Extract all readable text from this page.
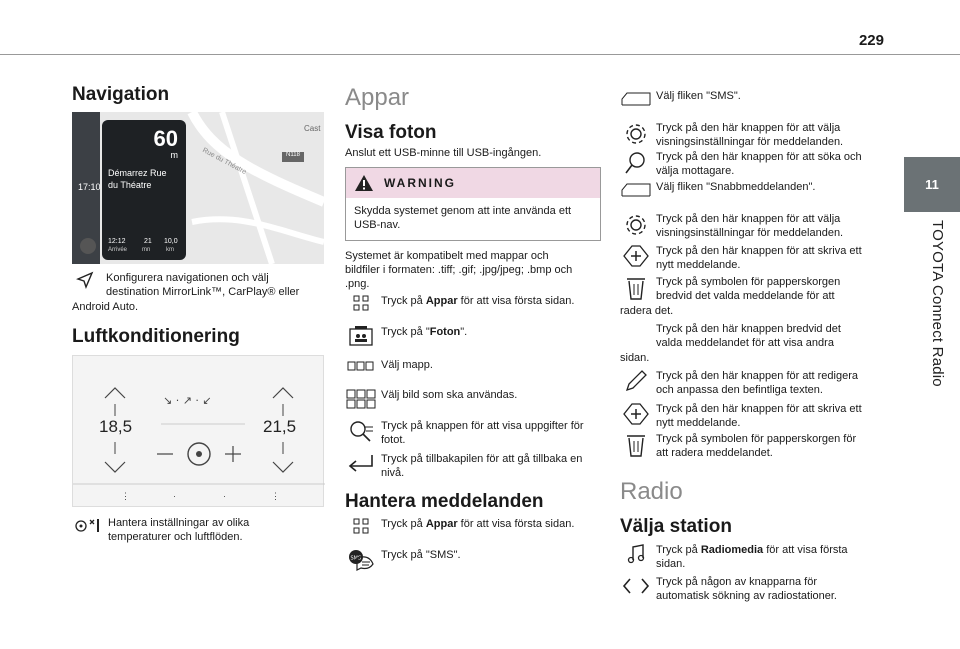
229
11
TOYOTA Connect Radio
Navigation
17:10
60
m
Démarrez Rue
du Théatre
12:12
Arrivée
21
mn
10,0
km
N118
Cast
Rue du Théatre
Konfigurera navigationen och välj
destination MirrorLink™, CarPlay® eller
Android Auto.
Luftkonditionering
↘ · ↗ · ↙
⋮	·	·	⋮
18,5	21,5
Hantera inställningar av olika
temperaturer och luftflöden.
Appar
Visa foton
Anslut ett USB-minne till USB-ingången.
WARNING
Skydda systemet genom att inte använda ett
USB-nav.
Systemet är kompatibelt med mappar och
bildfiler i formaten: .tiff; .gif; .jpg/jpeg; .bmp och
.png.
Tryck på Appar för att visa första sidan.
Tryck på "Foton".
Välj mapp.
Välj bild som ska användas.
Tryck på knappen för att visa uppgifter för
fotot.
Tryck på tillbakapilen för att gå tillbaka en
nivå.
Hantera meddelanden
Tryck på Appar för att visa första sidan.
SMS Tryck på "SMS".
Välj fliken "SMS".
Tryck på den här knappen för att välja
visningsinställningar för meddelanden.
Tryck på den här knappen för att söka och
välja mottagare.
Välj fliken "Snabbmeddelanden".
Tryck på den här knappen för att välja
visningsinställningar för meddelanden.
Tryck på den här knappen för att skriva ett
nytt meddelande.
Tryck på symbolen för papperskorgen
bredvid det valda meddelande för att
radera det.
Tryck på den här knappen bredvid det
valda meddelandet för att visa andra
sidan.
Tryck på den här knappen för att redigera
och anpassa den befintliga texten.
Tryck på den här knappen för att skriva ett
nytt meddelande.
Tryck på symbolen för papperskorgen för
att radera meddelandet.
Radio
Välja station
Tryck på Radiomedia för att visa första
sidan.
Tryck på någon av knapparna för
automatisk sökning av radiostationer.
